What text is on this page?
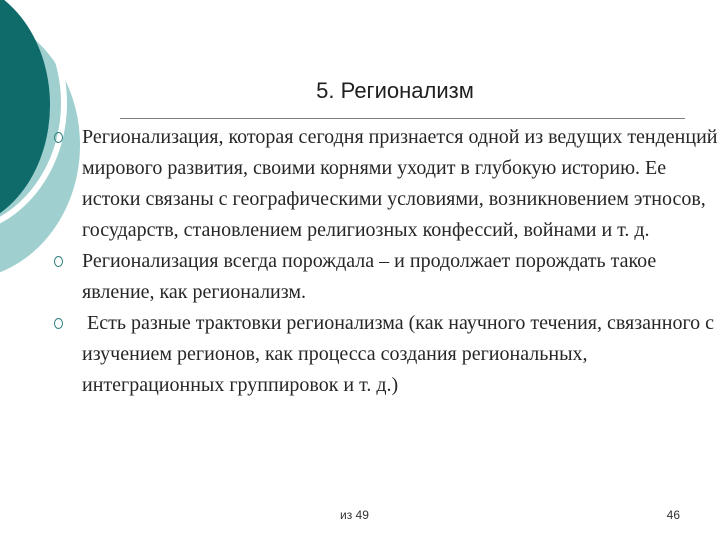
5. Регионализм
Регионализация, которая сегодня признается одной из ведущих тенденций мирового развития, своими корнями уходит в глубокую историю. Ее истоки связаны с географическими условиями, возникновением этносов, государств, становлением религиозных конфессий, войнами и т. д.
Регионализация всегда порождала – и продолжает порождать такое явление, как регионализм.
Есть разные трактовки регионализма (как научного течения, связанного с изучением регионов, как процесса создания региональных, интеграционных группировок и т. д.)
из 49	46
